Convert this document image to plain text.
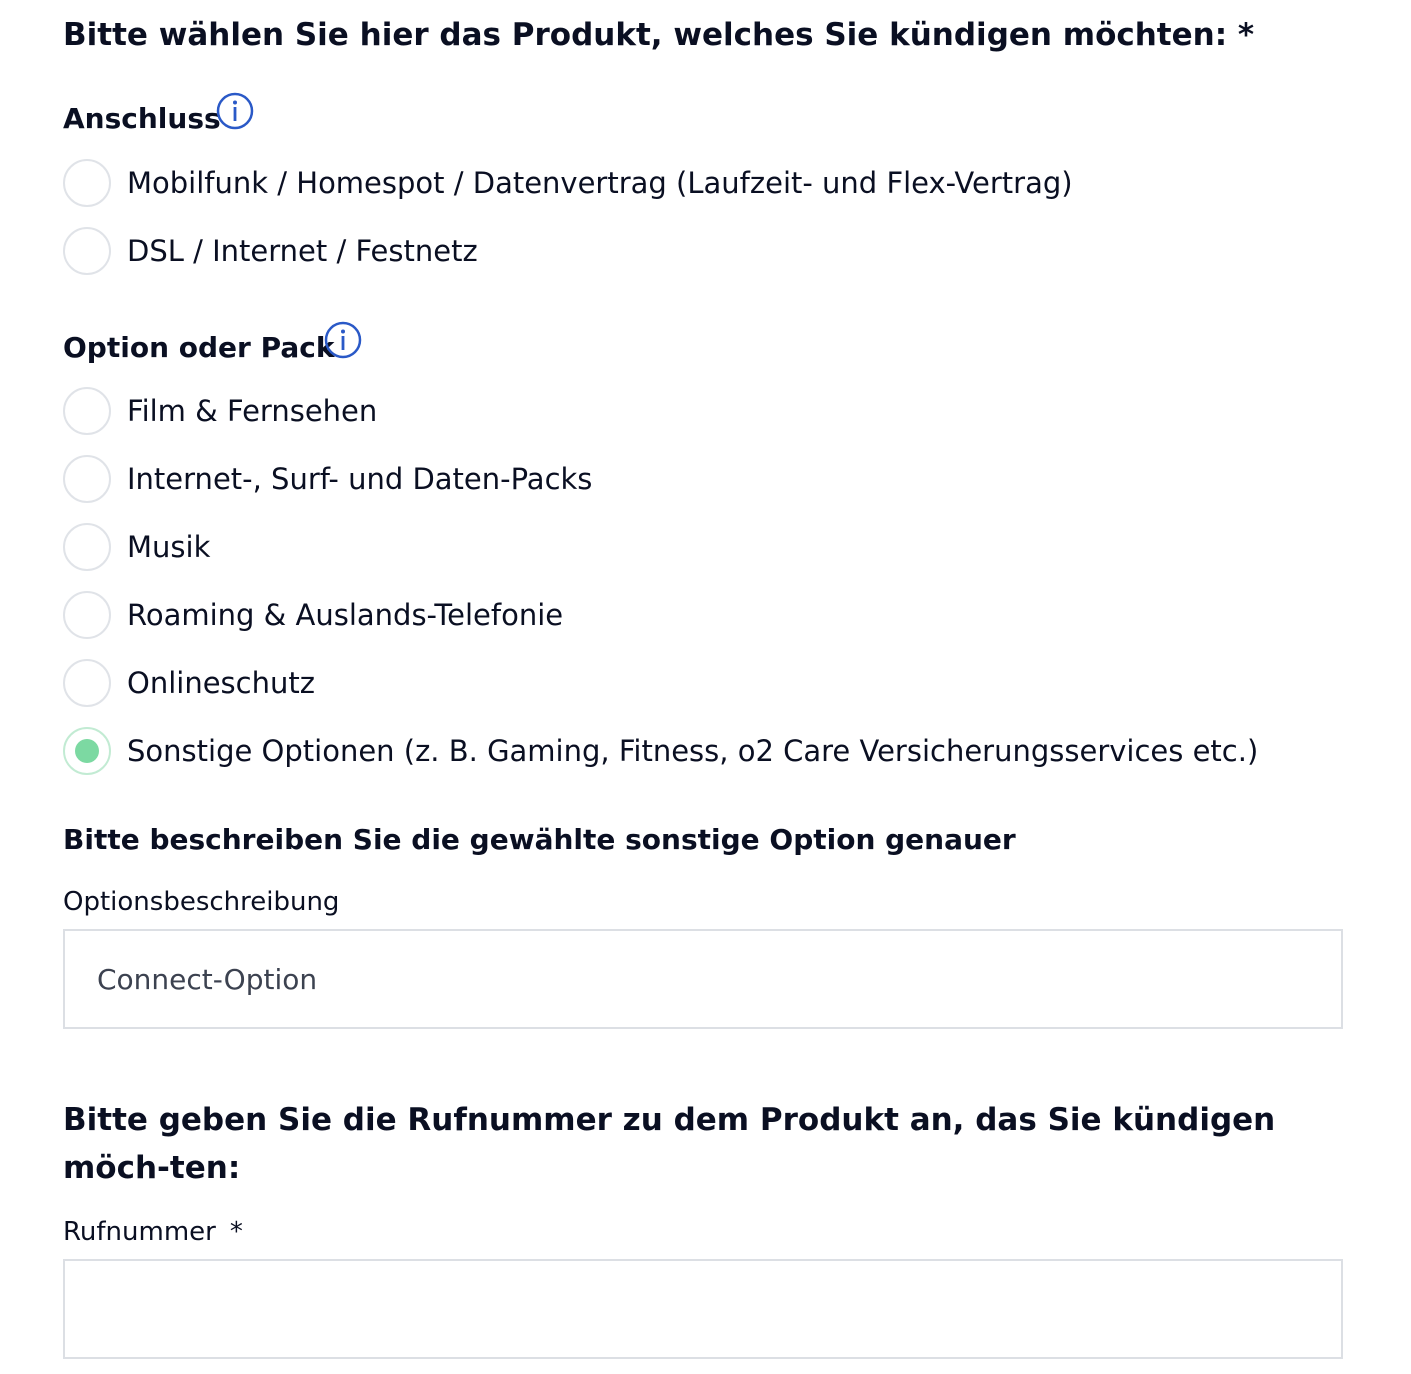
Bitte wählen Sie hier das Produkt, welches Sie kündigen möchten: *
Anschluss
Mobilfunk / Homespot / Datenvertrag (Laufzeit- und Flex-Vertrag)
DSL / Internet / Festnetz
Option oder Pack
Film & Fernsehen
Internet-, Surf- und Daten-Packs
Musik
Roaming & Auslands-Telefonie
Onlineschutz
Sonstige Optionen (z. B. Gaming, Fitness, o2 Care Versicherungsservices etc.)
Bitte beschreiben Sie die gewählte sonstige Option genauer
Optionsbeschreibung
Connect-Option
Bitte geben Sie die Rufnummer zu dem Produkt an, das Sie kündigen möch-ten:
Rufnummer *
